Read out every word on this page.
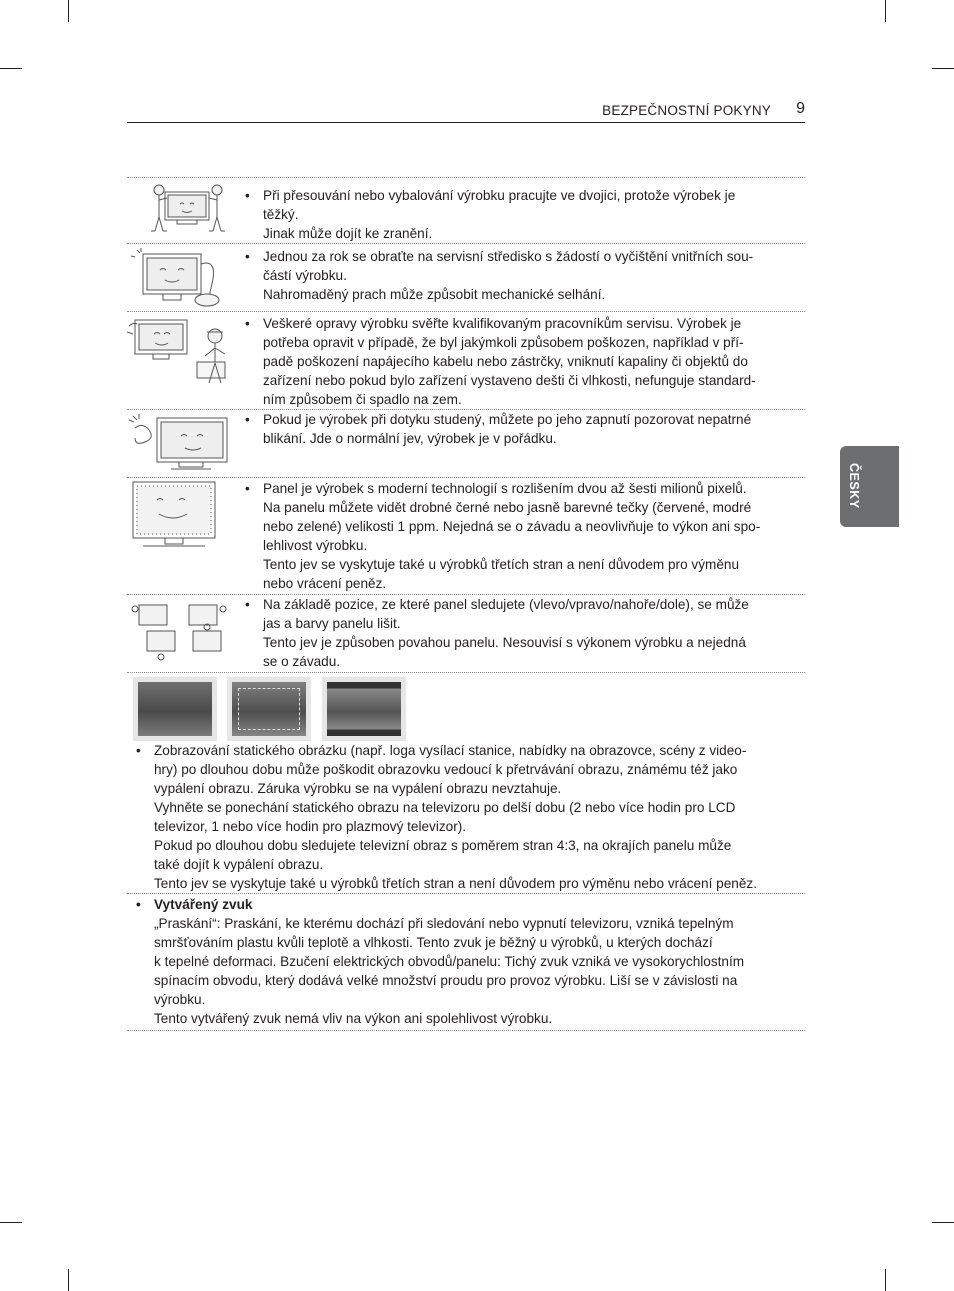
BEZPEČNOSTNÍ POKYNY 9
ČESKY
• Při přesouvání nebo vybalování výrobku pracujte ve dvojici, protože výrobek je
těžký.
Jinak může dojít ke zranění.
• Jednou za rok se obraťte na servisní středisko s žádostí o vyčištění vnitřních sou-
částí výrobku.
Nahromaděný prach může způsobit mechanické selhání.
• Veškeré opravy výrobku svěřte kvalifikovaným pracovníkům servisu. Výrobek je
potřeba opravit v případě, že byl jakýmkoli způsobem poškozen, například v pří-
padě poškození napájecího kabelu nebo zástrčky, vniknutí kapaliny či objektů do
zařízení nebo pokud bylo zařízení vystaveno dešti či vlhkosti, nefunguje standard-
ním způsobem či spadlo na zem.
• Pokud je výrobek při dotyku studený, můžete po jeho zapnutí pozorovat nepatrné
blikání. Jde o normální jev, výrobek je v pořádku.
• Panel je výrobek s moderní technologií s rozlišením dvou až šesti milionů pixelů.
Na panelu můžete vidět drobné černé nebo jasně barevné tečky (červené, modré
nebo zelené) velikosti 1 ppm. Nejedná se o závadu a neovlivňuje to výkon ani spo-
lehlivost výrobku.
Tento jev se vyskytuje také u výrobků třetích stran a není důvodem pro výměnu
nebo vrácení peněz.
• Na základě pozice, ze které panel sledujete (vlevo/vpravo/nahoře/dole), se může
jas a barvy panelu lišit.
Tento jev je způsoben povahou panelu. Nesouvisí s výkonem výrobku a nejedná
se o závadu.
• Zobrazování statického obrázku (např. loga vysílací stanice, nabídky na obrazovce, scény z video-
hry) po dlouhou dobu může poškodit obrazovku vedoucí k přetrvávání obrazu, známému též jako
vypálení obrazu. Záruka výrobku se na vypálení obrazu nevztahuje.
Vyhněte se ponechání statického obrazu na televizoru po delší dobu (2 nebo více hodin pro LCD
televizor, 1 nebo více hodin pro plazmový televizor).
Pokud po dlouhou dobu sledujete televizní obraz s poměrem stran 4:3, na okrajích panelu může
také dojít k vypálení obrazu.
Tento jev se vyskytuje také u výrobků třetích stran a není důvodem pro výměnu nebo vrácení peněz.
• Vytvářený zvuk
„Praskání“: Praskání, ke kterému dochází při sledování nebo vypnutí televizoru, vzniká tepelným
smršťováním plastu kvůli teplotě a vlhkosti. Tento zvuk je běžný u výrobků, u kterých dochází
k tepelné deformaci. Bzučení elektrických obvodů/panelu: Tichý zvuk vzniká ve vysokorychlostním
spínacím obvodu, který dodává velké množství proudu pro provoz výrobku. Liší se v závislosti na
výrobku.
Tento vytvářený zvuk nemá vliv na výkon ani spolehlivost výrobku.
